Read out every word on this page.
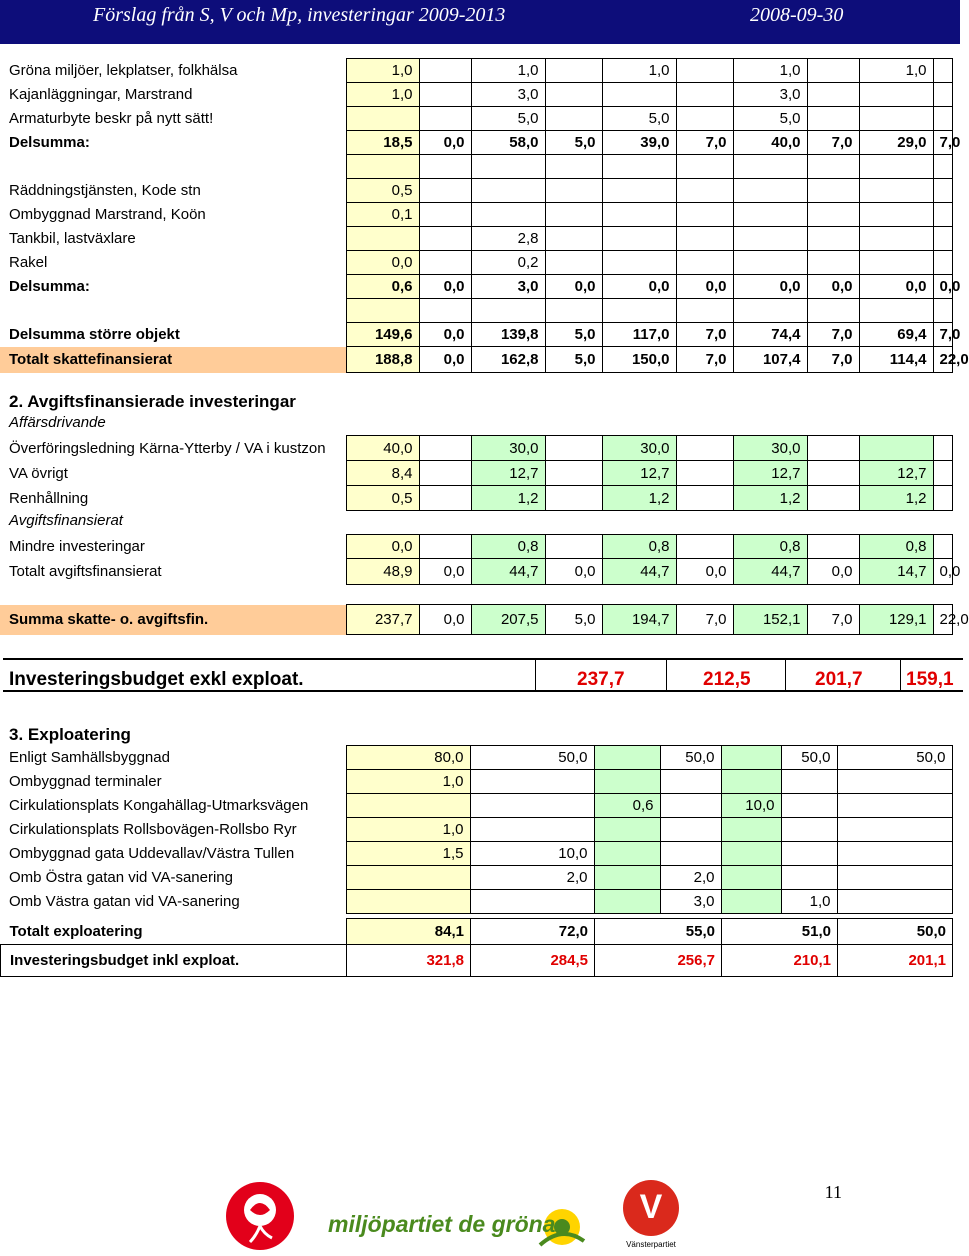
Förslag från S, V och Mp, investeringar 2009-2013	2008-09-30
Gröna miljöer, lekplatser, folkhälsa	1,0		1,0		1,0		1,0		1,0		
Kajanläggningar, Marstrand	1,0		3,0				3,0				
Armaturbyte beskr på nytt sätt!			5,0		5,0		5,0				
Delsumma:	18,5	0,0	58,0	5,0	39,0	7,0	40,0	7,0	29,0	7,0	

Räddningstjänsten, Kode stn	0,5										
Ombyggnad Marstrand, Koön	0,1										
Tankbil, lastväxlare			2,8								
Rakel	0,0		0,2								
Delsumma:	0,6	0,0	3,0	0,0	0,0	0,0	0,0	0,0	0,0	0,0	

Delsumma större objekt	149,6	0,0	139,8	5,0	117,0	7,0	74,4	7,0	69,4	7,0	
Totalt skattefinansierat	188,8	0,0	162,8	5,0	150,0	7,0	107,4	7,0	114,4	22,0	
2. Avgiftsfinansierade investeringar
Affärsdrivande
Överföringsledning Kärna-Ytterby / VA i kustzon	40,0		30,0		30,0		30,0				
VA övrigt	8,4		12,7		12,7		12,7		12,7		
Renhållning	0,5		1,2		1,2		1,2		1,2		
Avgiftsfinansierat
Mindre investeringar	0,0		0,8		0,8		0,8		0,8		
Totalt avgiftsfinansierat	48,9	0,0	44,7	0,0	44,7	0,0	44,7	0,0	14,7	0,0	
Summa skatte- o. avgiftsfin.	237,7	0,0	207,5	5,0	194,7	7,0	152,1	7,0	129,1	22,0	
Investeringsbudget exkl exploat.	237,7	212,5	201,7 159,1
3. Exploatering
Enligt Samhällsbyggnad	80,0	50,0		50,0		50,0	50,0
Ombyggnad terminaler	1,0						
Cirkulationsplats Kongahällag-Utmarksvägen			0,6		10,0		
Cirkulationsplats Rollsbovägen-Rollsbo Ryr	1,0						
Ombyggnad gata Uddevallav/Västra Tullen	1,5	10,0					
Omb Östra gatan vid VA-sanering		2,0		2,0			
Omb Västra gatan vid VA-sanering				3,0		1,0	
Totalt exploatering	84,1	72,0	55,0	51,0	50,0
Investeringsbudget inkl exploat.	321,8	284,5	256,7	210,1	201,1
11
miljöpartiet de gröna	V
Vänsterpartiet
